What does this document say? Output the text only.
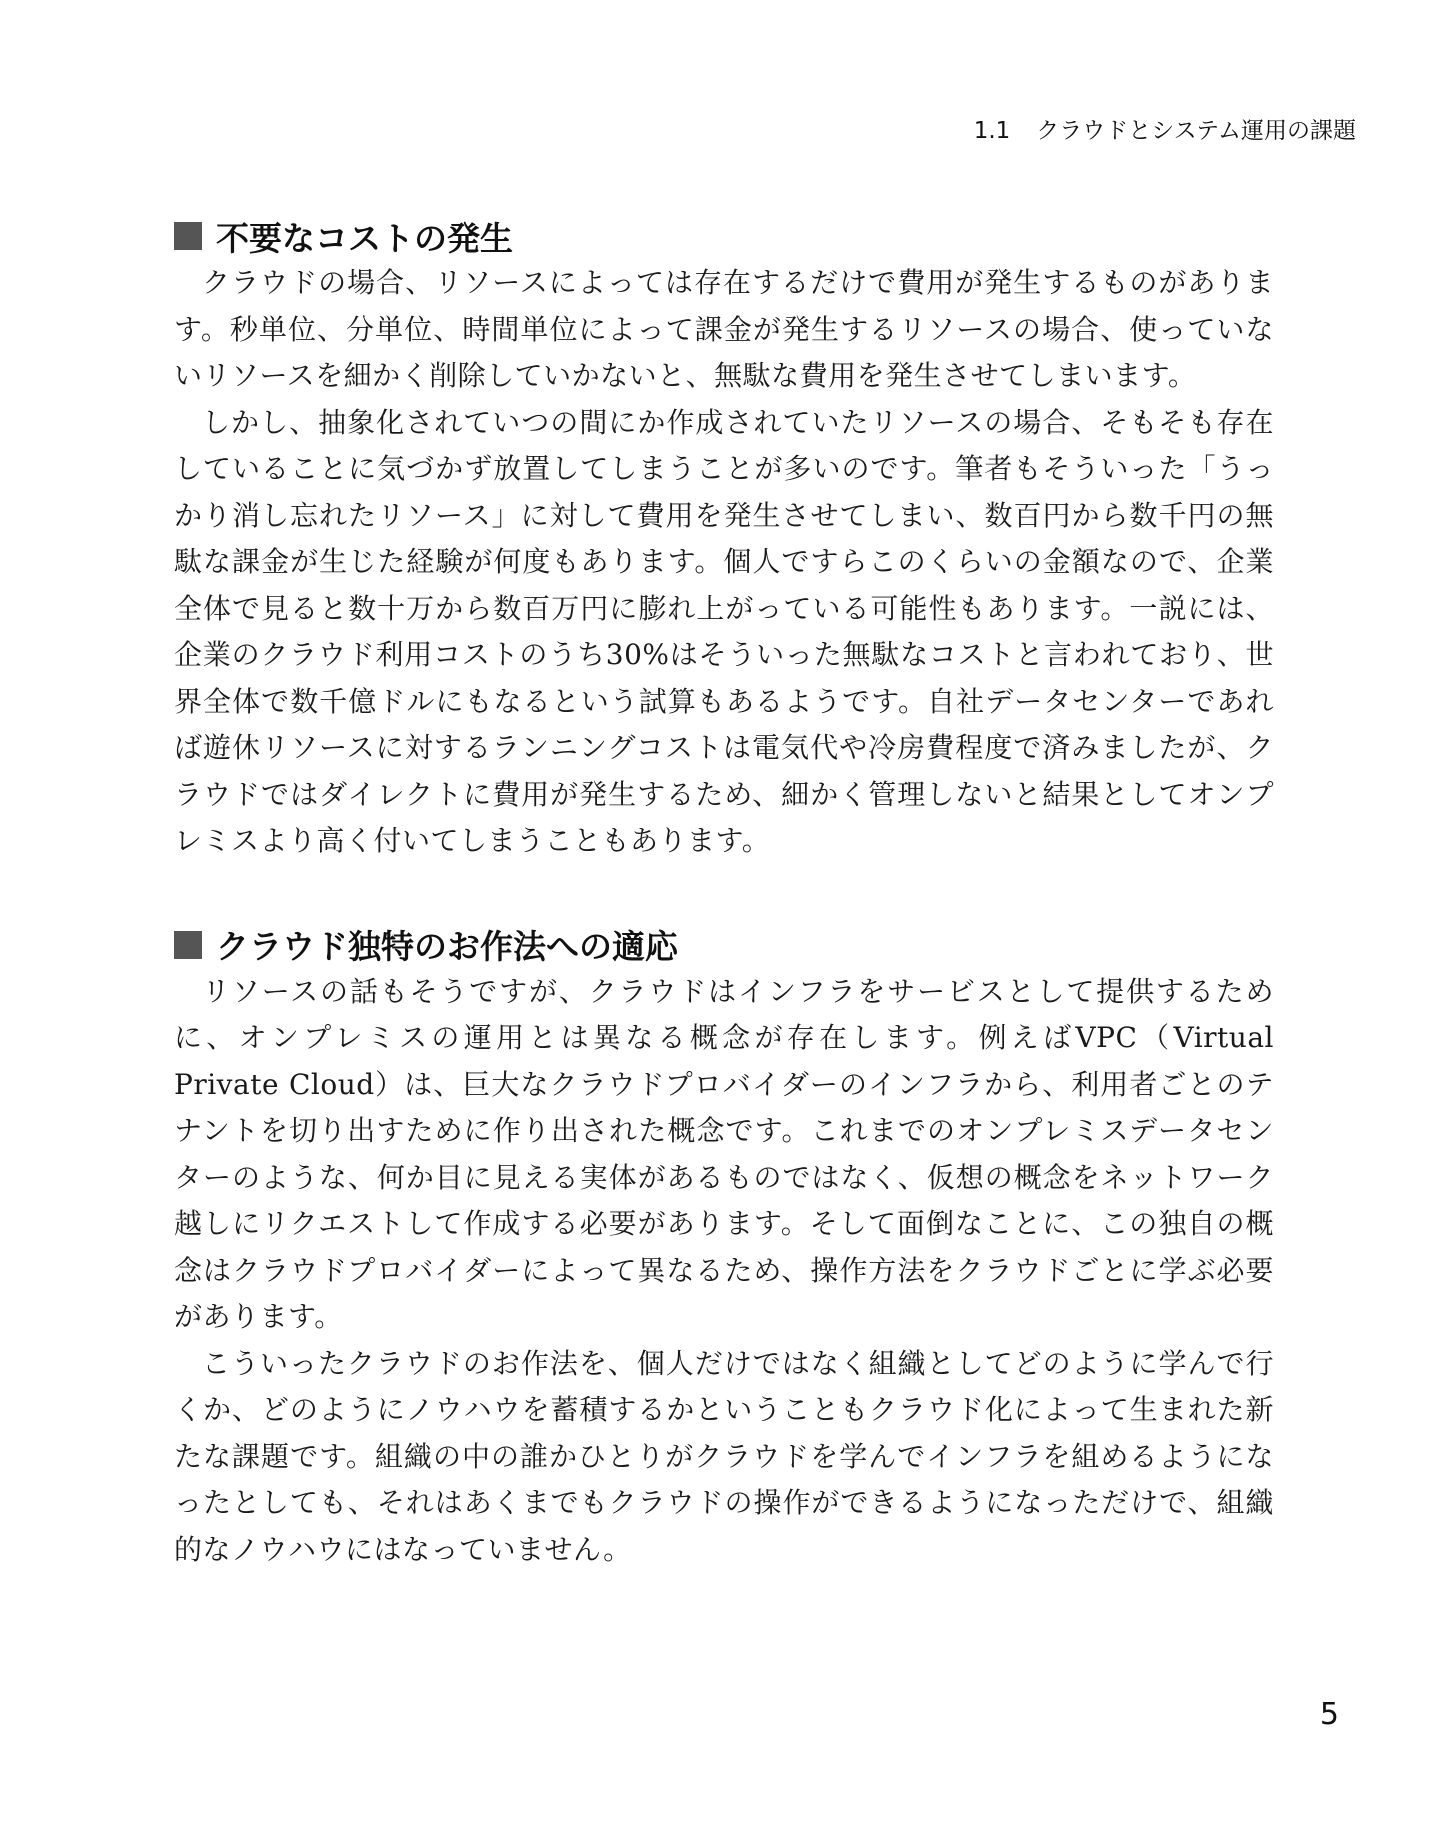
1.1 クラウドとシステム運用の課題
不要なコストの発生

クラウドの場合、リソースによっては存在するだけで費用が発生するものがあります。秒単位、分単位、時間単位によって課金が発生するリソースの場合、使っていないリソースを細かく削除していかないと、無駄な費用を発生させてしまいます。

しかし、抽象化されていつの間にか作成されていたリソースの場合、そもそも存在していることに気づかず放置してしまうことが多いのです。筆者もそういった「うっかり消し忘れたリソース」に対して費用を発生させてしまい、数百円から数千円の無駄な課金が生じた経験が何度もあります。個人ですらこのくらいの金額なので、企業全体で見ると数十万から数百万円に膨れ上がっている可能性もあります。一説には、企業のクラウド利用コストのうち30%はそういった無駄なコストと言われており、世界全体で数千億ドルにもなるという試算もあるようです。自社データセンターであれば遊休リソースに対するランニングコストは電気代や冷房費程度で済みましたが、クラウドではダイレクトに費用が発生するため、細かく管理しないと結果としてオンプレミスより高く付いてしまうこともあります。

クラウド独特のお作法への適応

リソースの話もそうですが、クラウドはインフラをサービスとして提供するために、オンプレミスの運用とは異なる概念が存在します。例えばVPC（Virtual Private Cloud）は、巨大なクラウドプロバイダーのインフラから、利用者ごとのテナントを切り出すために作り出された概念です。これまでのオンプレミスデータセンターのような、何か目に見える実体があるものではなく、仮想の概念をネットワーク越しにリクエストして作成する必要があります。そして面倒なことに、この独自の概念はクラウドプロバイダーによって異なるため、操作方法をクラウドごとに学ぶ必要があります。

こういったクラウドのお作法を、個人だけではなく組織としてどのように学んで行くか、どのようにノウハウを蓄積するかということもクラウド化によって生まれた新たな課題です。組織の中の誰かひとりがクラウドを学んでインフラを組めるようになったとしても、それはあくまでもクラウドの操作ができるようになっただけで、組織的なノウハウにはなっていません。

5
